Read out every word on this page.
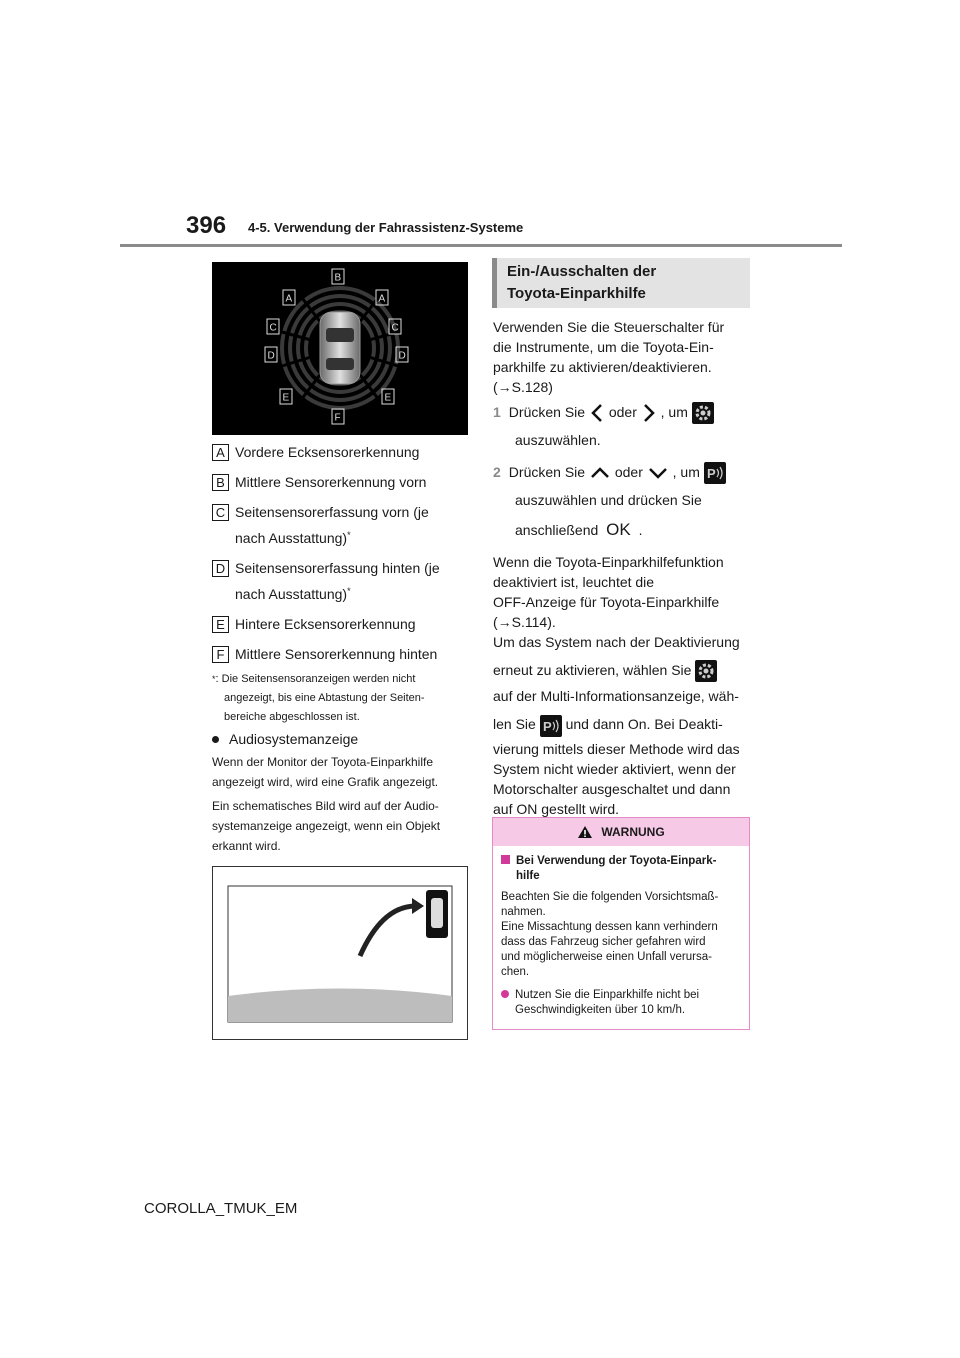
396 4-5. Verwendung der Fahrassistenz-Systeme
B
A	A
C	C
D	D
E	E
F
A Vordere Ecksensorerkennung
B Mittlere Sensorerkennung vorn
C Seitensensorerfassung vorn (je
nach Ausstattung)*
D Seitensensorerfassung hinten (je
nach Ausstattung)*
E Hintere Ecksensorerkennung
F Mittlere Sensorerkennung hinten
*: Die Seitensensoranzeigen werden nicht
angezeigt, bis eine Abtastung der Seiten-
bereiche abgeschlossen ist.
Audiosystemanzeige

Wenn der Monitor der Toyota-Einparkhilfe
angezeigt wird, wird eine Grafik angezeigt.

Ein schematisches Bild wird auf der Audio-
systemanzeige angezeigt, wenn ein Objekt
erkannt wird.

Ein-/Ausschalten der
Toyota-Einparkhilfe
Verwenden Sie die Steuerschalter für
die Instrumente, um die Toyota-Ein-
parkhilfe zu aktivieren/deaktivieren.
(→S.128)
1 Drücken Sie oder , um
auszuwählen.
2 Drücken Sie oder , um P
auszuwählen und drücken Sie
anschließend OK .
Wenn die Toyota-Einparkhilfefunktion
deaktiviert ist, leuchtet die
OFF-Anzeige für Toyota-Einparkhilfe
(→S.114).
Um das System nach der Deaktivierung
erneut zu aktivieren, wählen Sie
auf der Multi-Informationsanzeige, wäh-
len Sie P und dann On. Bei Deakti-
vierung mittels dieser Methode wird das
System nicht wieder aktiviert, wenn der
Motorschalter ausgeschaltet und dann
auf ON gestellt wird.
WARNUNG
Bei Verwendung der Toyota-Einpark-
hilfe
Beachten Sie die folgenden Vorsichtsmaß-
nahmen.
Eine Missachtung dessen kann verhindern
dass das Fahrzeug sicher gefahren wird
und möglicherweise einen Unfall verursa-
chen.
Nutzen Sie die Einparkhilfe nicht bei
Geschwindigkeiten über 10 km/h.
COROLLA_TMUK_EM
